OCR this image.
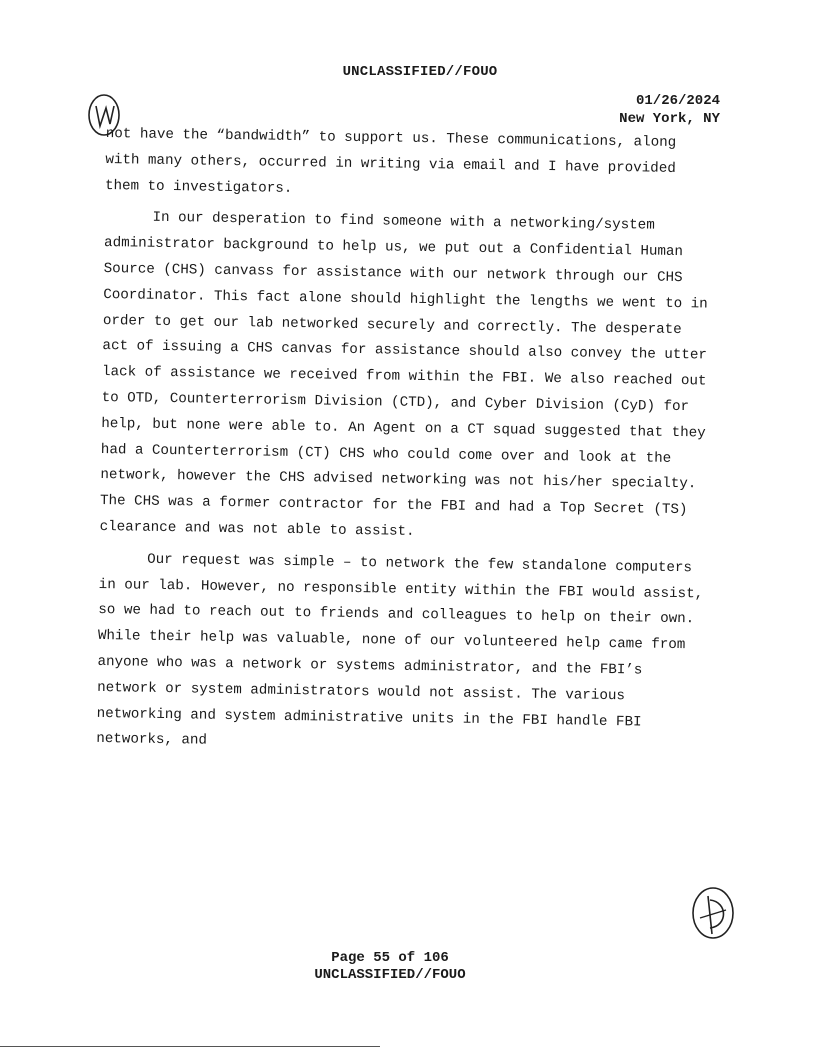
UNCLASSIFIED//FOUO
01/26/2024
New York, NY

not have the “bandwidth” to support us. These communications, along with many others, occurred in writing via email and I have provided them to investigators.

In our desperation to find someone with a networking/system administrator background to help us, we put out a Confidential Human Source (CHS) canvass for assistance with our network through our CHS Coordinator. This fact alone should highlight the lengths we went to in order to get our lab networked securely and correctly. The desperate act of issuing a CHS canvas for assistance should also convey the utter lack of assistance we received from within the FBI. We also reached out to OTD, Counterterrorism Division (CTD), and Cyber Division (CyD) for help, but none were able to. An Agent on a CT squad suggested that they had a Counterterrorism (CT) CHS who could come over and look at the network, however the CHS advised networking was not his/her specialty. The CHS was a former contractor for the FBI and had a Top Secret (TS) clearance and was not able to assist.

Our request was simple – to network the few standalone computers in our lab. However, no responsible entity within the FBI would assist, so we had to reach out to friends and colleagues to help on their own. While their help was valuable, none of our volunteered help came from anyone who was a network or systems administrator, and the FBI’s network or system administrators would not assist. The various networking and system administrative units in the FBI handle FBI networks, and

Page 55 of 106
UNCLASSIFIED//FOUO
